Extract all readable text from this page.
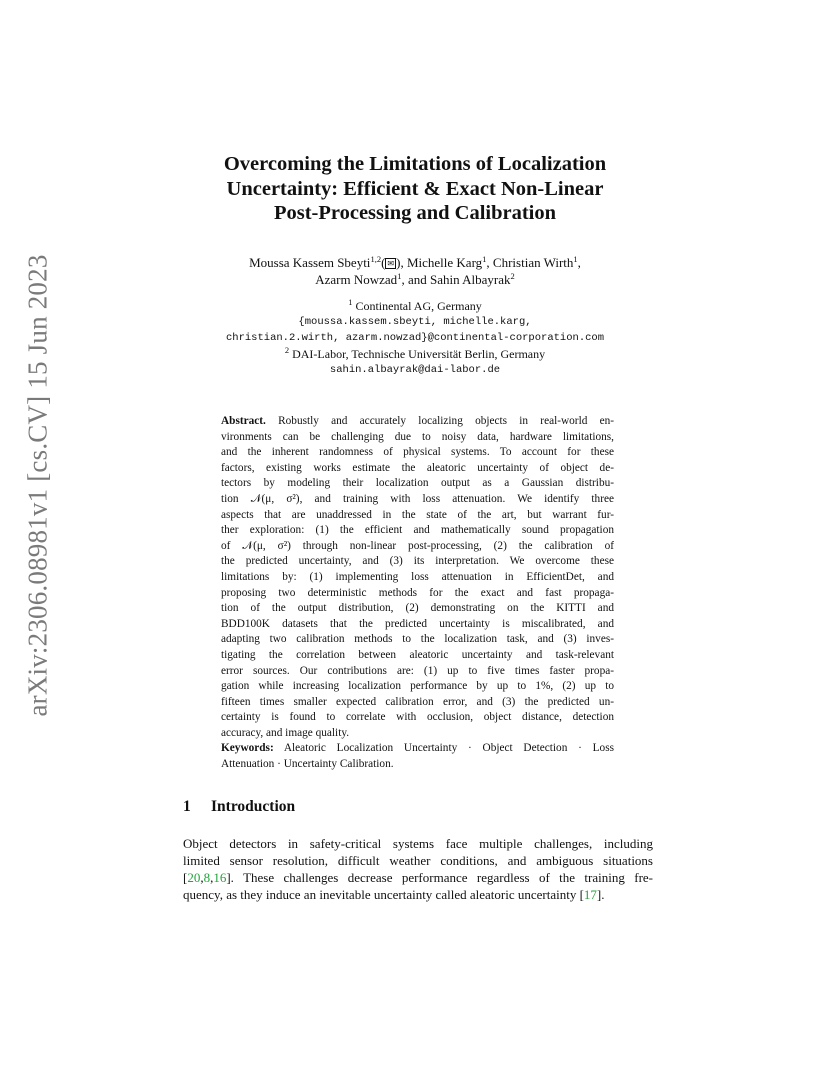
arXiv:2306.08981v1 [cs.CV] 15 Jun 2023
Overcoming the Limitations of Localization
Uncertainty: Efficient & Exact Non-Linear
Post-Processing and Calibration
Moussa Kassem Sbeyti$^{1,2}$( ✉ ), Michelle Karg$^1$, Christian Wirth$^1$,
Azarm Nowzad$^1$, and Sahin Albayrak$^2$
$^1$ Continental AG, Germany
{moussa.kassem.sbeyti, michelle.karg,
christian.2.wirth, azarm.nowzad}@continental-corporation.com
$^2$ DAI-Labor, Technische Universität Berlin, Germany
sahin.albayrak@dai-labor.de
Abstract. Robustly and accurately localizing objects in real-world en-
vironments can be challenging due to noisy data, hardware limitations,
and the inherent randomness of physical systems. To account for these
factors, existing works estimate the aleatoric uncertainty of object de-
tectors by modeling their localization output as a Gaussian distribu-
tion 𝒩(μ, σ²), and training with loss attenuation. We identify three
aspects that are unaddressed in the state of the art, but warrant fur-
ther exploration: (1) the efficient and mathematically sound propagation
of 𝒩(μ, σ²) through non-linear post-processing, (2) the calibration of
the predicted uncertainty, and (3) its interpretation. We overcome these
limitations by: (1) implementing loss attenuation in EfficientDet, and
proposing two deterministic methods for the exact and fast propaga-
tion of the output distribution, (2) demonstrating on the KITTI and
BDD100K datasets that the predicted uncertainty is miscalibrated, and
adapting two calibration methods to the localization task, and (3) inves-
tigating the correlation between aleatoric uncertainty and task-relevant
error sources. Our contributions are: (1) up to five times faster propa-
gation while increasing localization performance by up to 1%, (2) up to
fifteen times smaller expected calibration error, and (3) the predicted un-
certainty is found to correlate with occlusion, object distance, detection
accuracy, and image quality.
Keywords: Aleatoric Localization Uncertainty · Object Detection · Loss
Attenuation · Uncertainty Calibration.
1 Introduction
Object detectors in safety-critical systems face multiple challenges, including
limited sensor resolution, difficult weather conditions, and ambiguous situations
[20,8,16]. These challenges decrease performance regardless of the training fre-
quency, as they induce an inevitable uncertainty called aleatoric uncertainty [17].
